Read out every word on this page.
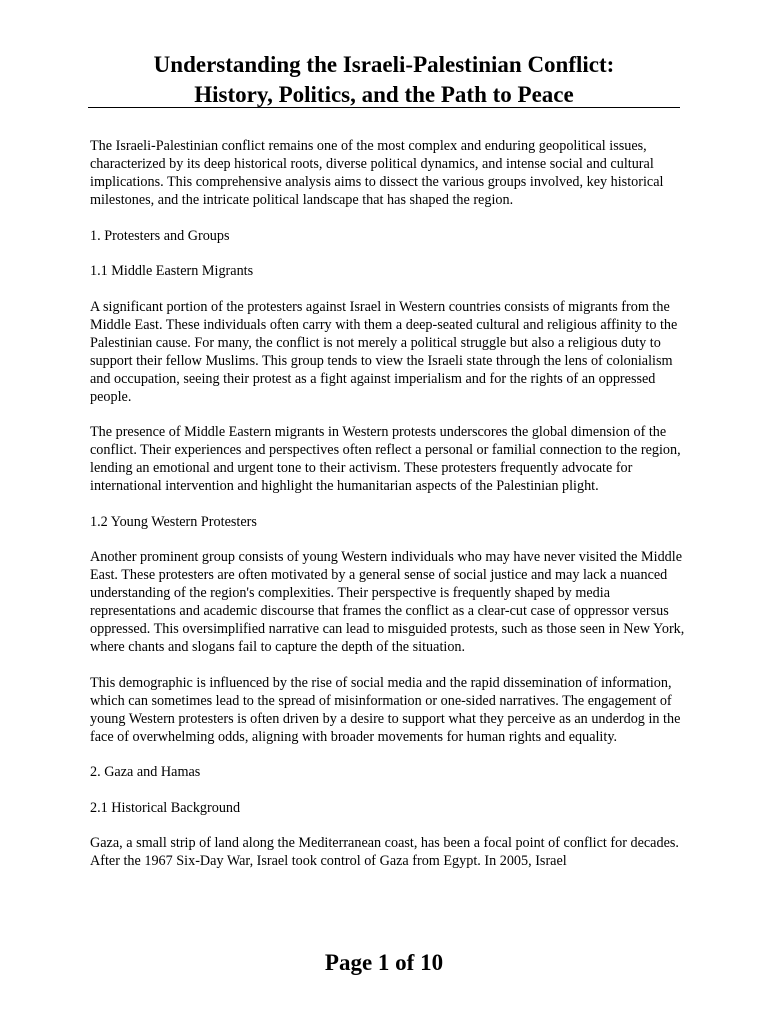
Understanding the Israeli-Palestinian Conflict:

History, Politics, and the Path to Peace

The Israeli-Palestinian conflict remains one of the most complex and enduring geopolitical issues, characterized by its deep historical roots, diverse political dynamics, and intense social and cultural implications. This comprehensive analysis aims to dissect the various groups involved, key historical milestones, and the intricate political landscape that has shaped the region.

1. Protesters and Groups

1.1 Middle Eastern Migrants

A significant portion of the protesters against Israel in Western countries consists of migrants from the Middle East. These individuals often carry with them a deep-seated cultural and religious affinity to the Palestinian cause. For many, the conflict is not merely a political struggle but also a religious duty to support their fellow Muslims. This group tends to view the Israeli state through the lens of colonialism and occupation, seeing their protest as a fight against imperialism and for the rights of an oppressed people.

The presence of Middle Eastern migrants in Western protests underscores the global dimension of the conflict. Their experiences and perspectives often reflect a personal or familial connection to the region, lending an emotional and urgent tone to their activism. These protesters frequently advocate for international intervention and highlight the humanitarian aspects of the Palestinian plight.

1.2 Young Western Protesters

Another prominent group consists of young Western individuals who may have never visited the Middle East. These protesters are often motivated by a general sense of social justice and may lack a nuanced understanding of the region's complexities. Their perspective is frequently shaped by media representations and academic discourse that frames the conflict as a clear-cut case of oppressor versus oppressed. This oversimplified narrative can lead to misguided protests, such as those seen in New York, where chants and slogans fail to capture the depth of the situation.

This demographic is influenced by the rise of social media and the rapid dissemination of information, which can sometimes lead to the spread of misinformation or one-sided narratives. The engagement of young Western protesters is often driven by a desire to support what they perceive as an underdog in the face of overwhelming odds, aligning with broader movements for human rights and equality.

2. Gaza and Hamas

2.1 Historical Background

Gaza, a small strip of land along the Mediterranean coast, has been a focal point of conflict for decades. After the 1967 Six-Day War, Israel took control of Gaza from Egypt. In 2005, Israel

Page 1 of 10
